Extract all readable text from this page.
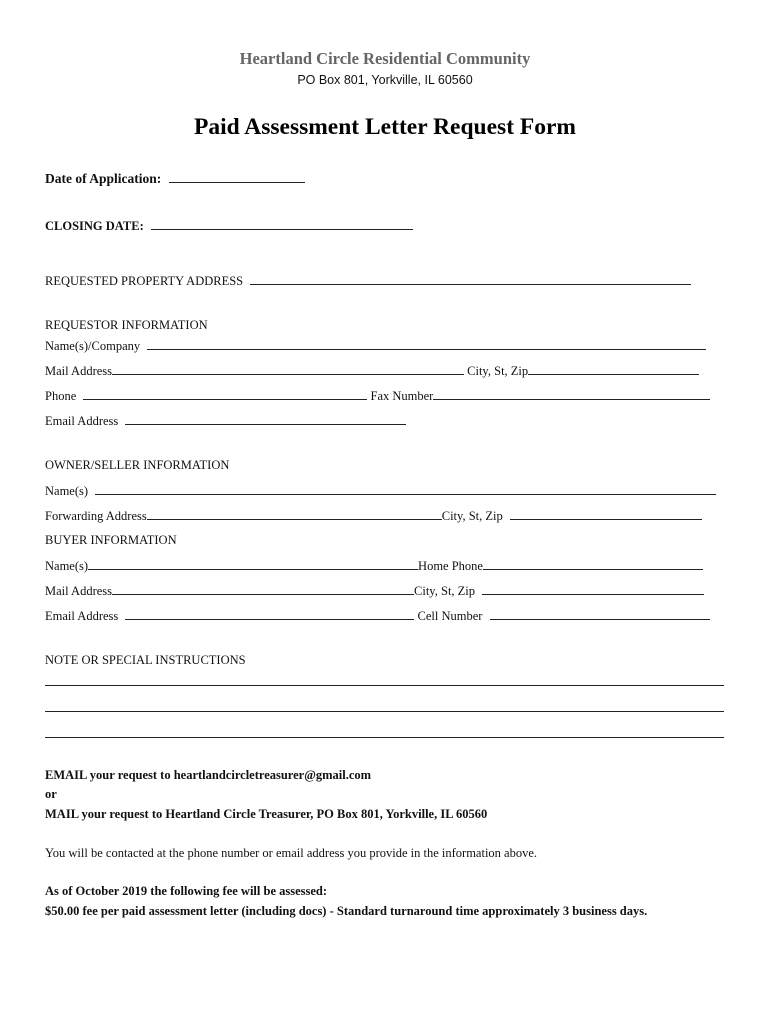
Heartland Circle Residential Community
PO Box 801, Yorkville, IL 60560
Paid Assessment Letter Request Form
Date of Application:
CLOSING DATE:
REQUESTED PROPERTY ADDRESS
REQUESTOR INFORMATION
Name(s)/Company
Mail Address	City, St, Zip
Phone	Fax Number
Email Address
OWNER/SELLER INFORMATION
Name(s)
Forwarding Address	City, St, Zip
BUYER INFORMATION
Name(s)	Home Phone
Mail Address	City, St, Zip
Email Address	Cell Number
NOTE OR SPECIAL INSTRUCTIONS
EMAIL your request to heartlandcircletreasurer@gmail.com
or
MAIL your request to Heartland Circle Treasurer, PO Box 801, Yorkville, IL 60560
You will be contacted at the phone number or email address you provide in the information above.
As of October 2019 the following fee will be assessed:
$50.00 fee per paid assessment letter (including docs) - Standard turnaround time approximately 3 business days.
